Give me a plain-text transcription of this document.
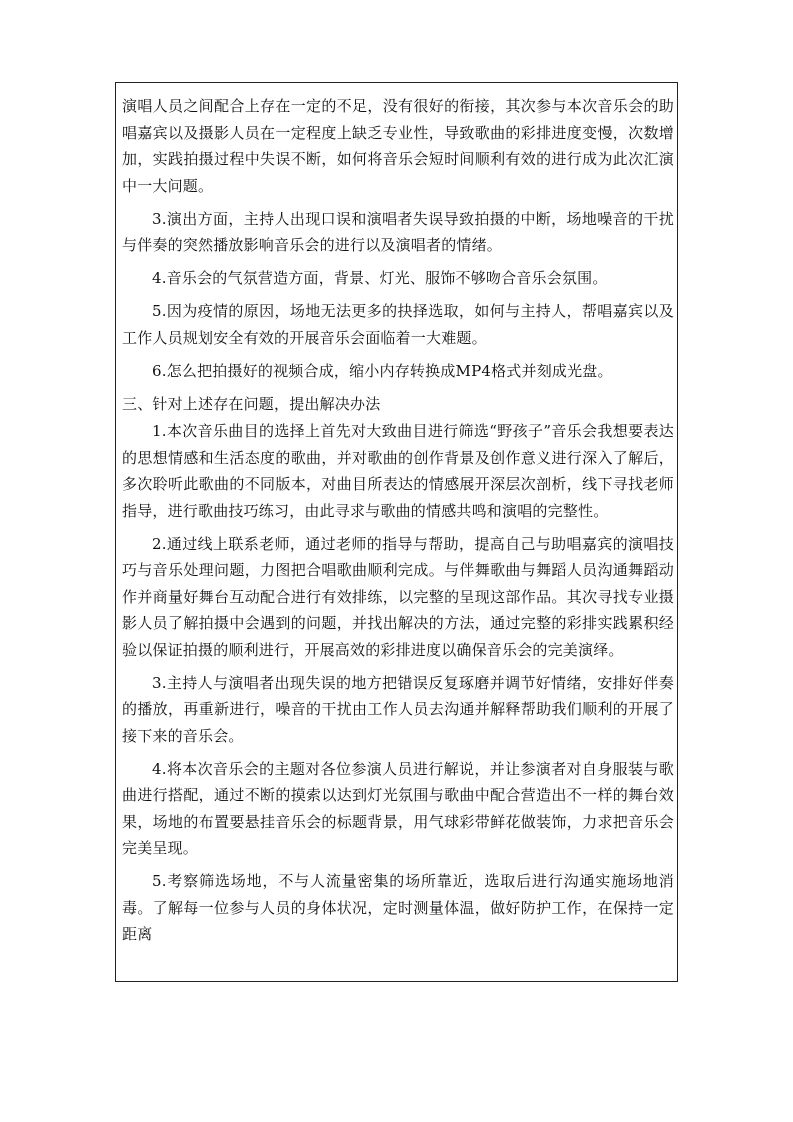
演唱人员之间配合上存在一定的不足，没有很好的衔接，其次参与本次音乐会的助唱嘉宾以及摄影人员在一定程度上缺乏专业性，导致歌曲的彩排进度变慢，次数增加，实践拍摄过程中失误不断，如何将音乐会短时间顺利有效的进行成为此次汇演中一大问题。

3.演出方面，主持人出现口误和演唱者失误导致拍摄的中断，场地噪音的干扰与伴奏的突然播放影响音乐会的进行以及演唱者的情绪。

4.音乐会的气氛营造方面，背景、灯光、服饰不够吻合音乐会氛围。

5.因为疫情的原因，场地无法更多的抉择选取，如何与主持人，帮唱嘉宾以及工作人员规划安全有效的开展音乐会面临着一大难题。

6.怎么把拍摄好的视频合成，缩小内存转换成MP4格式并刻成光盘。

三、针对上述存在问题，提出解决办法

1.本次音乐曲目的选择上首先对大致曲目进行筛选“野孩子”音乐会我想要表达的思想情感和生活态度的歌曲，并对歌曲的创作背景及创作意义进行深入了解后，多次聆听此歌曲的不同版本，对曲目所表达的情感展开深层次剖析，线下寻找老师指导，进行歌曲技巧练习，由此寻求与歌曲的情感共鸣和演唱的完整性。

2.通过线上联系老师，通过老师的指导与帮助，提高自己与助唱嘉宾的演唱技巧与音乐处理问题，力图把合唱歌曲顺利完成。与伴舞歌曲与舞蹈人员沟通舞蹈动作并商量好舞台互动配合进行有效排练，以完整的呈现这部作品。其次寻找专业摄影人员了解拍摄中会遇到的问题，并找出解决的方法，通过完整的彩排实践累积经验以保证拍摄的顺利进行，开展高效的彩排进度以确保音乐会的完美演绎。

3.主持人与演唱者出现失误的地方把错误反复琢磨并调节好情绪，安排好伴奏的播放，再重新进行，噪音的干扰由工作人员去沟通并解释帮助我们顺利的开展了接下来的音乐会。

4.将本次音乐会的主题对各位参演人员进行解说，并让参演者对自身服装与歌曲进行搭配，通过不断的摸索以达到灯光氛围与歌曲中配合营造出不一样的舞台效果，场地的布置要悬挂音乐会的标题背景，用气球彩带鲜花做装饰，力求把音乐会完美呈现。

5.考察筛选场地，不与人流量密集的场所靠近，选取后进行沟通实施场地消毒。了解每一位参与人员的身体状况，定时测量体温，做好防护工作，在保持一定距离
